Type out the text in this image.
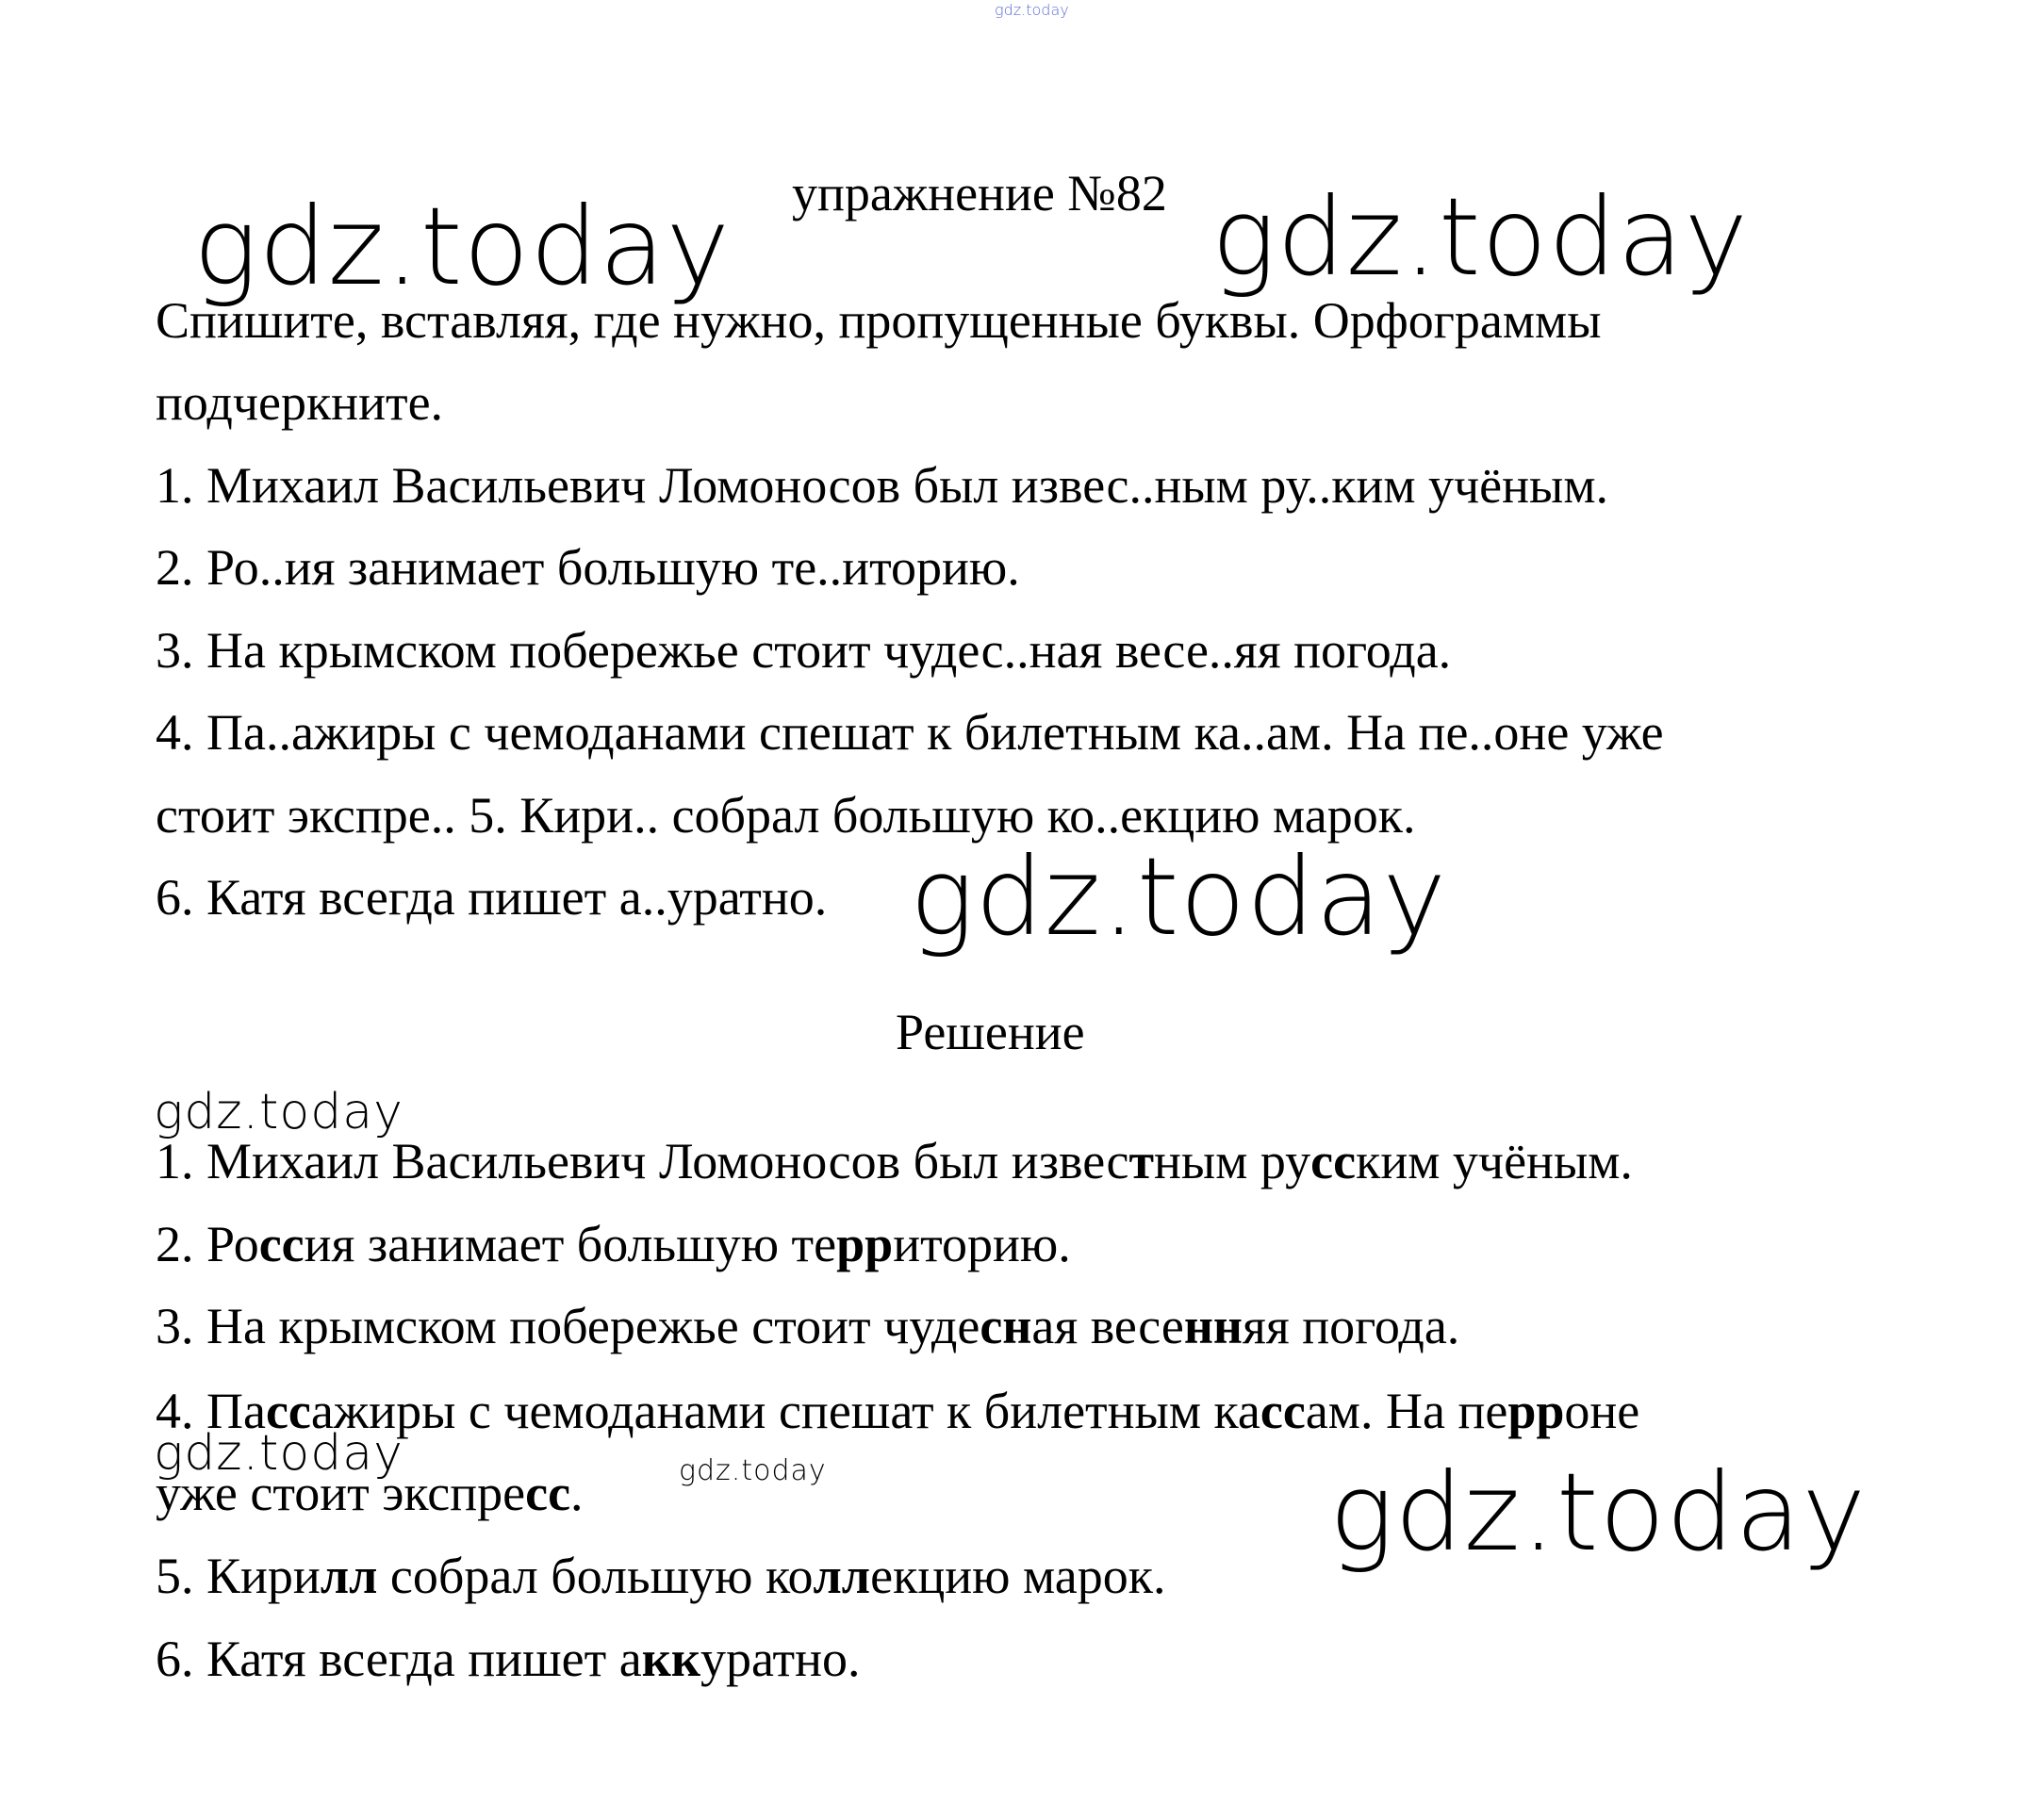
gdz.today
упражнение №82
gdz.today	gdz.today
Спишите, вставляя, где нужно, пропущенные буквы. Орфограммы
подчеркните.
1. Михаил Васильевич Ломоносов был извес..ным ру..ким учёным.
2. Ро..ия занимает большую те..иторию.
3. На крымском побережье стоит чудес..ная весе..яя погода.
4. Па..ажиры с чемоданами спешат к билетным ка..ам. На пе..оне уже
стоит экспре.. 5. Кири.. собрал большую ко..екцию марок.
6. Катя всегда пишет а..уратно. gdz.today
Решение
gdz.today
1. Михаил Васильевич Ломоносов был известным русским учёным.
2. Россия занимает большую территорию.
3. На крымском побережье стоит чудесная весенняя погода.
4. Пассажиры с чемоданами спешат к билетным кассам. На перроне
уже стоит экспресс.
5. Кирилл собрал большую коллекцию марок.
6. Катя всегда пишет аккуратно.
gdz.today	gdz.today	gdz.today
